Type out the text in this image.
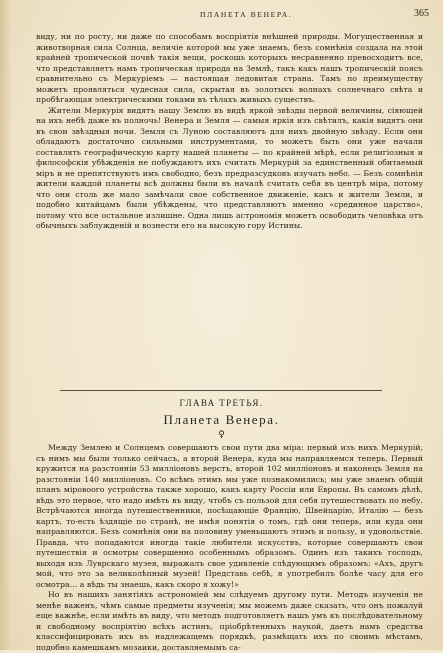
ПЛАНЕТА ВЕНЕРА.	365

виду, ни по росту, ни даже по способамъ воспріятія внѣшней природы. Могущественная и животворная сила Солнца, величіе которой мы уже знаемъ, безъ сомнѣнія создала на этой крайней тропической почвѣ такія вещи, роскошь которыхъ несравненно превосходитъ все, что представляетъ намъ тропическая природа на Землѣ, такъ какъ нашъ тропическій поясъ сравнительно съ Меркуріемъ — настоящая ледовитая страна. Тамъ по преимуществу можетъ проявляться чудесная сила, скрытая въ золотыхъ волнахъ солнечнаго свѣта и пробѣгающая электрическими токами въ тѣлахъ живыхъ существъ.

Жители Меркурія видятъ нашу Землю въ видѣ яркой звѣзды первой величины, сіяющей на ихъ небѣ даже въ полночь! Венера и Земля — самыя яркія изъ свѣтилъ, какія видятъ они въ свои звѣздныя ночи. Земля съ Луною составляютъ для нихъ двойную звѣзду. Если они обладаютъ достаточно сильными инструментами, то можетъ быть они уже начали составлять географическую карту нашей планеты — по крайней мѣрѣ, если религіозныя и философскія убѣжденія не побуждаютъ ихъ считать Меркурій за единственный обитаемый міръ и не препятствуютъ имъ свободно, безъ предразсудковъ изучать небо. — Безъ сомнѣнія жители каждой планеты всѣ должны были въ началѣ считать себя въ центрѣ міра, потому что они столь же мало замѣчали свое собственное движеніе, какъ и жители Земли, и подобно китайцамъ были убѣждены, что представляютъ именно «срединное царство», потому что все остальное излишне. Одна лишь астрономія можетъ освободить человѣка отъ обычныхъ заблужденій и вознести его на высокую гору Истины.

ГЛАВА ТРЕТЬЯ.
Планета Венера.
♀

Между Землею и Солнцемъ совершаютъ свои пути два міра: первый изъ нихъ Меркурій, съ нимъ мы были только сейчасъ, а второй Венера, куда мы направляемся теперь. Первый кружится на разстояніи 53 милліоновъ верстъ, второй 102 милліоновъ и наконецъ Земля на разстояніи 140 милліоновъ. Со всѣмъ этимъ мы уже познакомились; мы уже знаемъ общій планъ міровоого устройства также хорошо, какъ карту Россіи или Европы. Въ самомъ дѣлѣ, вѣдь это первое, что надо имѣть въ виду, чтобъ съ пользой для себя путешествовать по небу. Встрѣчаются иногда путешественники, посѣщающіе Францію, Швейцарію, Италію — безъ картъ, то-есть ѣздящіе по странѣ, не имѣя понятія о томъ, гдѣ они теперь, или куда они направляются. Безъ сомнѣнія они на половину уменьшаютъ этимъ и пользу, и удовольствіе. Правда, что попадаются иногда такіе любители искусствъ, которые совершаютъ свои путешествія и осмотры совершенно особеннымъ образомъ. Одинъ изъ такихъ господъ, выходя изъ Луврскаго музея, выражалъ свое удивленіе слѣдующимъ образомъ: «Ахъ, другъ мой, что это за великолѣпный музей! Представь себѣ, я употребилъ болѣе часу для его осмотра… а вѣдь ты знаешь, какъ скоро я хожу!»

Но въ нашихъ занятіяхъ астрономіей мы слѣдуемъ другому пути. Методъ изученія не менѣе важенъ, чѣмъ самые предметы изученія; мы можемъ даже сказать, что онъ пожалуй еще важнѣе, если имѣть въ виду, что методъ подготовляетъ нашъ умъ къ послѣдовательному и свободному воспріятію всѣхъ истинъ, пріобрѣтенныхъ наукой, даетъ намъ средства классифицировать ихъ въ надлежащемъ порядкѣ, размѣщать ихъ по своимъ мѣстамъ, подобно камешкамъ мозаики, доставляемымъ са-
